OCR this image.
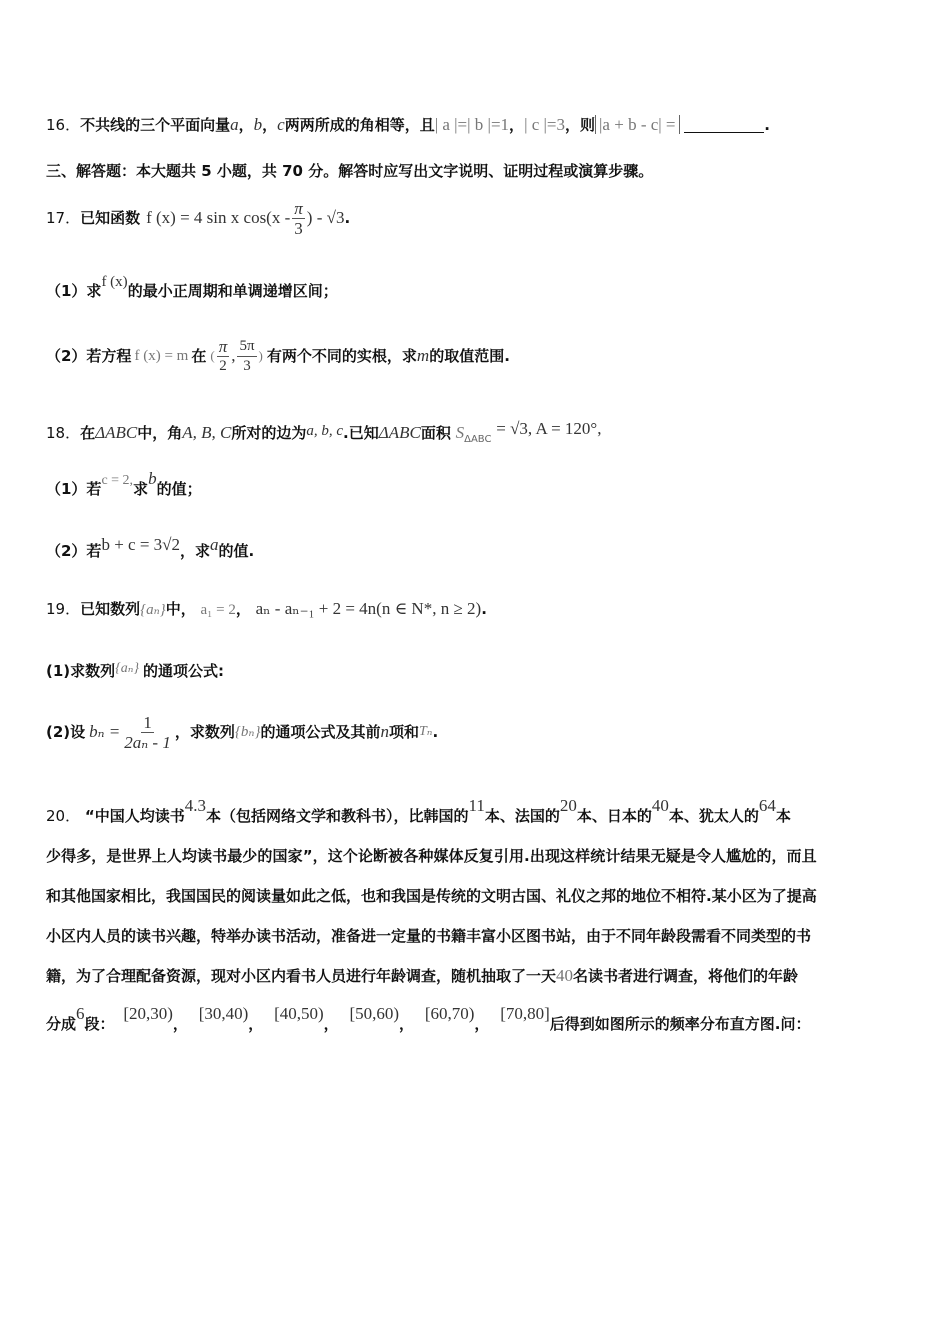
16．不共线的三个平面向量a，b，c两两所成的角相等，且| a |=| b |=1，| c |=3，则 |a + b - c| =	.
三、解答题：本大题共 5 小题，共 70 分。解答时应写出文字说明、证明过程或演算步骤。
17． 已知函数 f (x) = 4 sin x $\cos(x - \frac{\pi}{3}$ ) - √3 .
（1）求f (x)的最小正周期和单调递增区间；
（2）若方程 f (x) = m 在 ( $\frac{\pi}{2}$ , $\frac{5\pi}{3}$ ) 有两个不同的实根，求 m 的取值范围.
18．在ΔABC中，角A, B, C所对的边为a, b, c.已知ΔABC面积 $S_{\Delta ABC} = √3$, A = 120°,
（1）若c = 2,求b的值；
（2）若b + c = 3√2，求a的值.
19．已知数列{aₙ}中， a₁ = 2， aₙ - aₙ₋₁ + 2 = 4n(n ∈ N*, n ≥ 2).
(1)求数列{aₙ} 的通项公式:
(2) 设 $b_n = \frac{1}{\text{2aₙ - 1}}$ ，求数列 {bₙ} 的通项公式及其前 n 项和 Tₙ .
20． “中国人均读书4.3本（包括网络文学和教科书），比韩国的11本、法国的20本、日本的40本、犹太人的64本
少得多，是世界上人均读书最少的国家”，这个论断被各种媒体反复引用.出现这样统计结果无疑是令人尴尬的，而且
和其他国家相比，我国国民的阅读量如此之低，也和我国是传统的文明古国、礼仪之邦的地位不相符.某小区为了提高
小区内人员的读书兴趣，特举办读书活动，准备进一定量的书籍丰富小区图书站，由于不同年龄段需看不同类型的书
籍，为了合理配备资源，现对小区内看书人员进行年龄调查，随机抽取了一天40名读书者进行调查，将他们的年龄
分成6段： [20,30)， [30,40)， [40,50)， [50,60)， [60,70)， [70,80]后得到如图所示的频率分布直方图.问：
